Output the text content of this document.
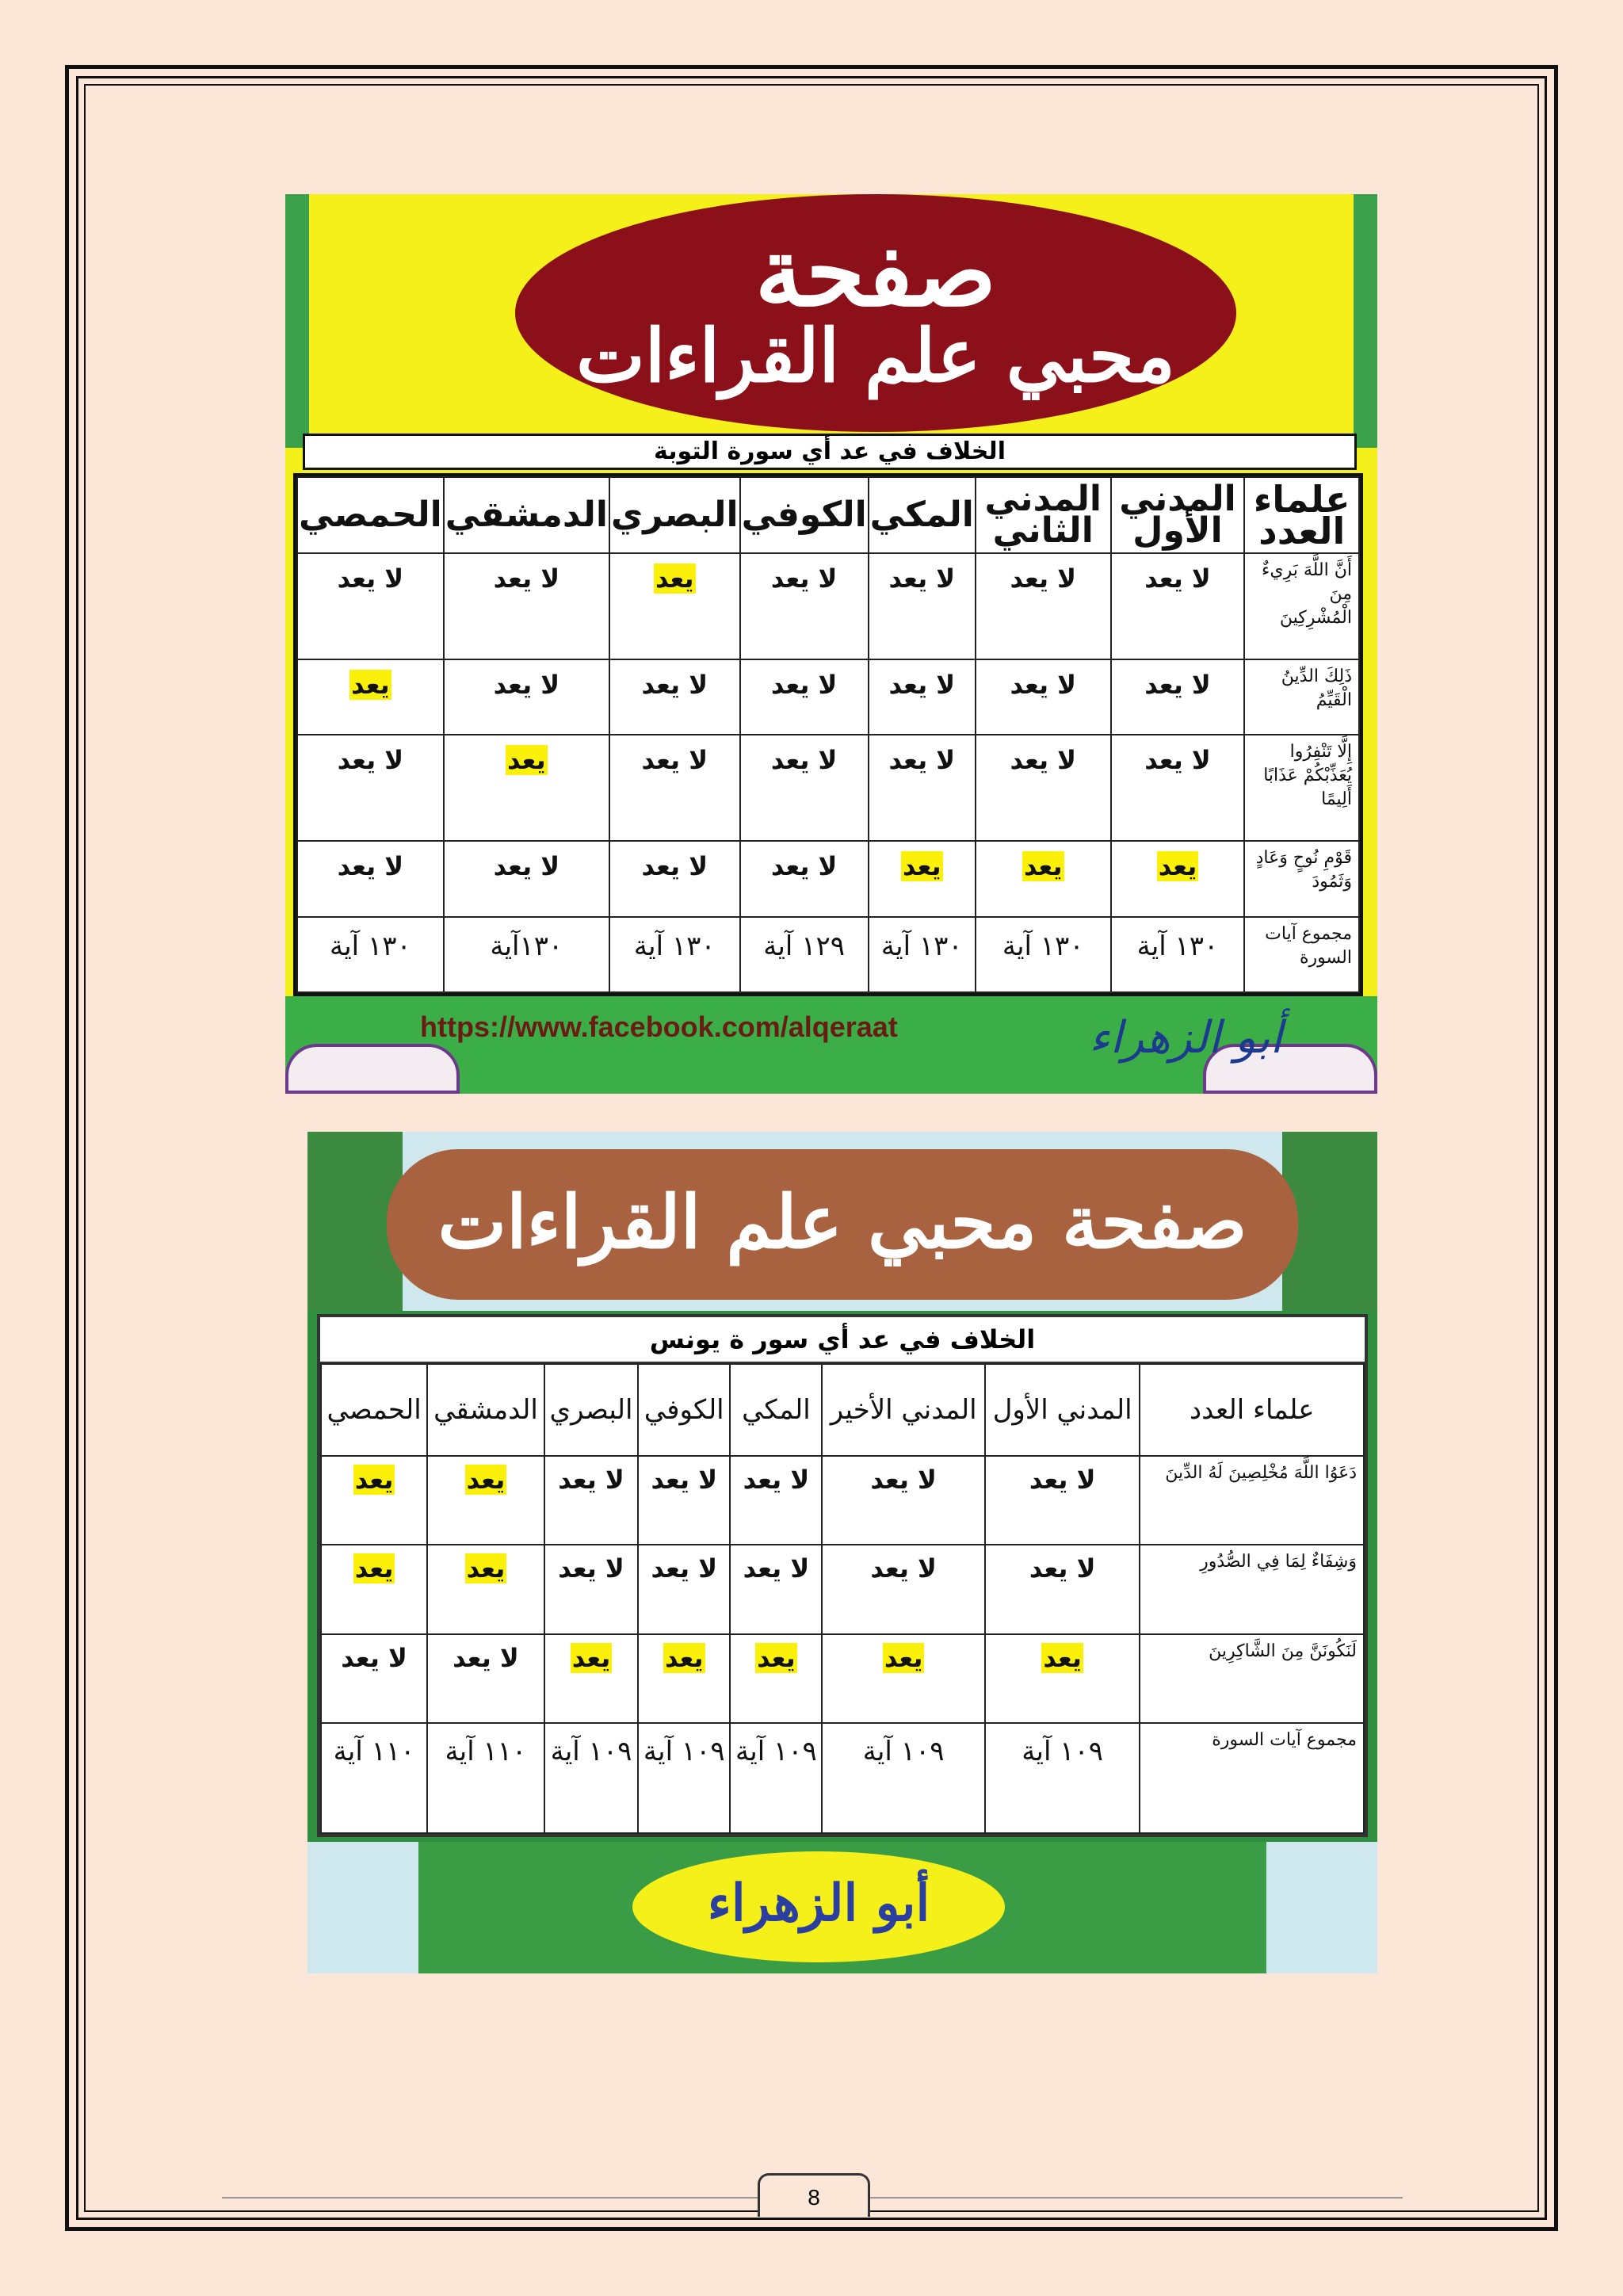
صفحة
محبي علم القراءات
الخلاف في عد أي سورة التوبة
علماء العدد	المدني الأول	المدني الثاني	المكي	الكوفي	البصري	الدمشقي	الحمصي
أَنَّ اللَّهَ بَرِيءٌ مِنَ الْمُشْرِكِينَ	لا يعد	لا يعد	لا يعد	لا يعد	يعد	لا يعد	لا يعد
ذَلِكَ الدِّينُ الْقَيِّمُ	لا يعد	لا يعد	لا يعد	لا يعد	لا يعد	لا يعد	يعد
إِلَّا تَنْفِرُوا يُعَذِّبْكُمْ عَذَابًا أَلِيمًا	لا يعد	لا يعد	لا يعد	لا يعد	لا يعد	يعد	لا يعد
قَوْمِ نُوحٍ وَعَادٍ وَثَمُودَ	يعد	يعد	يعد	لا يعد	لا يعد	لا يعد	لا يعد
مجموع آيات السورة	١٣٠ آية	١٣٠ آية	١٣٠ آية	١٢٩ آية	١٣٠ آية	١٣٠آية	١٣٠ آية
https://www.facebook.com/alqeraat	أبو الزهراء
صفحة محبي علم القراءات
الخلاف في عد أي سور ة يونس
علماء العدد	المدني الأول	المدني الأخير	المكي	الكوفي	البصري	الدمشقي	الحمصي
دَعَوُا اللَّهَ مُخْلِصِينَ لَهُ الدِّينَ	لا يعد	لا يعد	لا يعد	لا يعد	لا يعد	يعد	يعد
وَشِفَاءٌ لِمَا فِي الصُّدُورِ	لا يعد	لا يعد	لا يعد	لا يعد	لا يعد	يعد	يعد
لَنَكُونَنَّ مِنَ الشَّاكِرِينَ	يعد	يعد	يعد	يعد	يعد	لا يعد	لا يعد
مجموع آيات السورة	١٠٩ آية	١٠٩ آية	١٠٩ آية	١٠٩ آية	١٠٩ آية	١١٠ آية	١١٠ آية
أبو الزهراء
8
